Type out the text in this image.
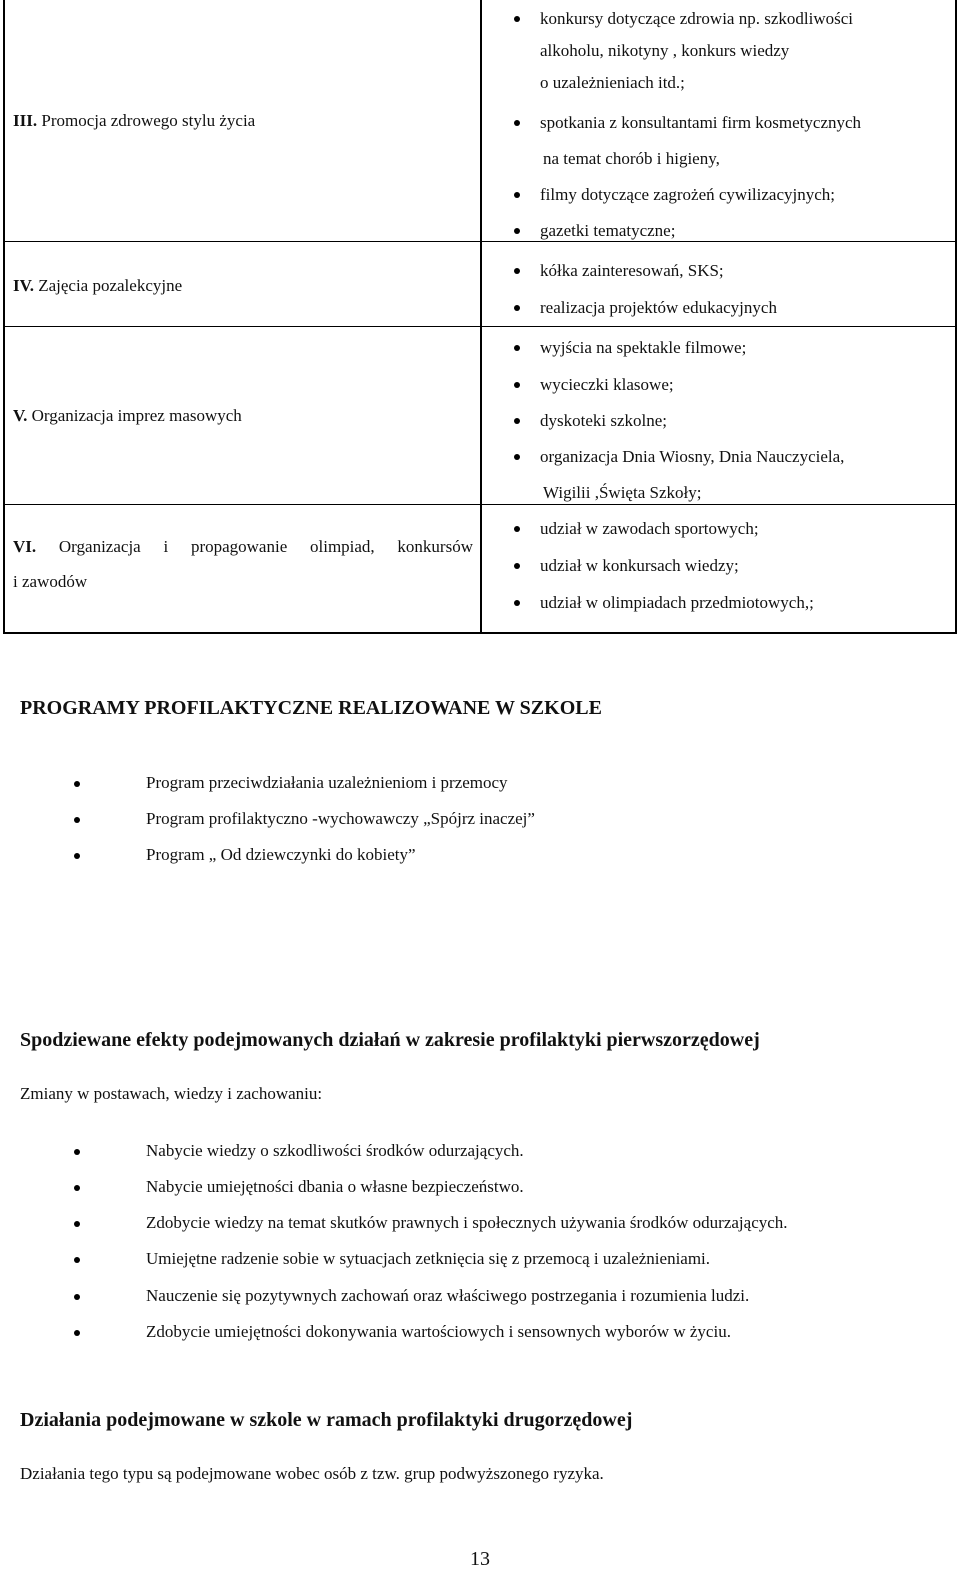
III. Promocja zdrowego stylu życia
IV. Zajęcia pozalekcyjne
V. Organizacja imprez masowych
VI. Organizacja i propagowanie olimpiad, konkursów
i zawodów
konkursy dotyczące zdrowia np. szkodliwości
alkoholu, nikotyny , konkurs wiedzy
o uzależnieniach itd.;
spotkania z konsultantami firm kosmetycznych
na temat chorób i higieny,
filmy dotyczące zagrożeń cywilizacyjnych;
gazetki tematyczne;
kółka zainteresowań, SKS;
realizacja projektów edukacyjnych
wyjścia na spektakle filmowe;
wycieczki klasowe;
dyskoteki szkolne;
organizacja Dnia Wiosny, Dnia Nauczyciela,
Wigilii ,Święta Szkoły;
udział w zawodach sportowych;
udział w konkursach wiedzy;
udział w olimpiadach przedmiotowych,;
PROGRAMY PROFILAKTYCZNE REALIZOWANE W SZKOLE
Program przeciwdziałania uzależnieniom i przemocy
Program profilaktyczno -wychowawczy „Spójrz inaczej”
Program „ Od dziewczynki do kobiety”
Spodziewane efekty podejmowanych działań w zakresie profilaktyki pierwszorzędowej
Zmiany w postawach, wiedzy i zachowaniu:
Nabycie wiedzy o szkodliwości środków odurzających.
Nabycie umiejętności dbania o własne bezpieczeństwo.
Zdobycie wiedzy na temat skutków prawnych i społecznych używania środków odurzających.
Umiejętne radzenie sobie w sytuacjach zetknięcia się z przemocą i uzależnieniami.
Nauczenie się pozytywnych zachowań oraz właściwego postrzegania i rozumienia ludzi.
Zdobycie umiejętności dokonywania wartościowych i sensownych wyborów w życiu.
Działania podejmowane w szkole w ramach profilaktyki drugorzędowej
Działania tego typu są podejmowane wobec osób z tzw. grup podwyższonego ryzyka.
13
